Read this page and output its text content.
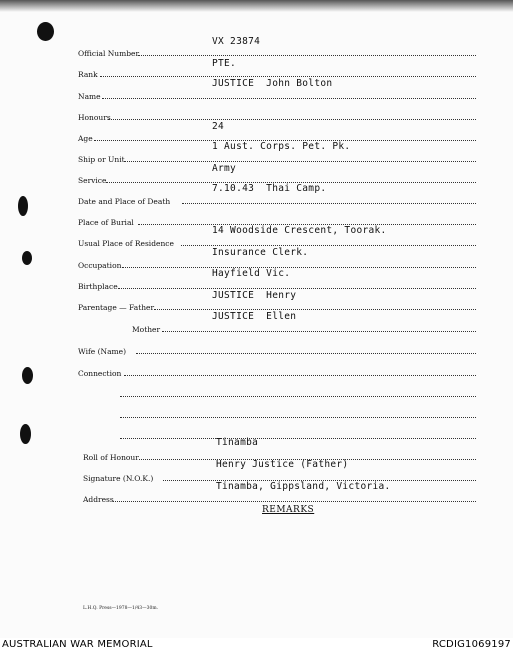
Official Number
VX 23874
Rank
PTE.
Name
JUSTICE  John Bolton
Honours
Age
24
Ship or Unit
1 Aust. Corps. Pet. Pk.
Service
Army
Date and Place of Death
7.10.43  Thai Camp.
Place of Burial
Usual Place of Residence
14 Woodside Crescent, Toorak.
Occupation
Insurance Clerk.
Birthplace
Hayfield Vic.
Parentage — Father
JUSTICE  Henry
Mother
JUSTICE  Ellen
Wife (Name)
Connection
Roll of Honour
Tinamba
Signature (N.O.K.)
Henry Justice (Father)
Address
Tinamba, Gippsland, Victoria.
REMARKS
L.H.Q. Press—1978—1/43—30m.
AUSTRALIAN WAR MEMORIAL	RCDIG1069197
